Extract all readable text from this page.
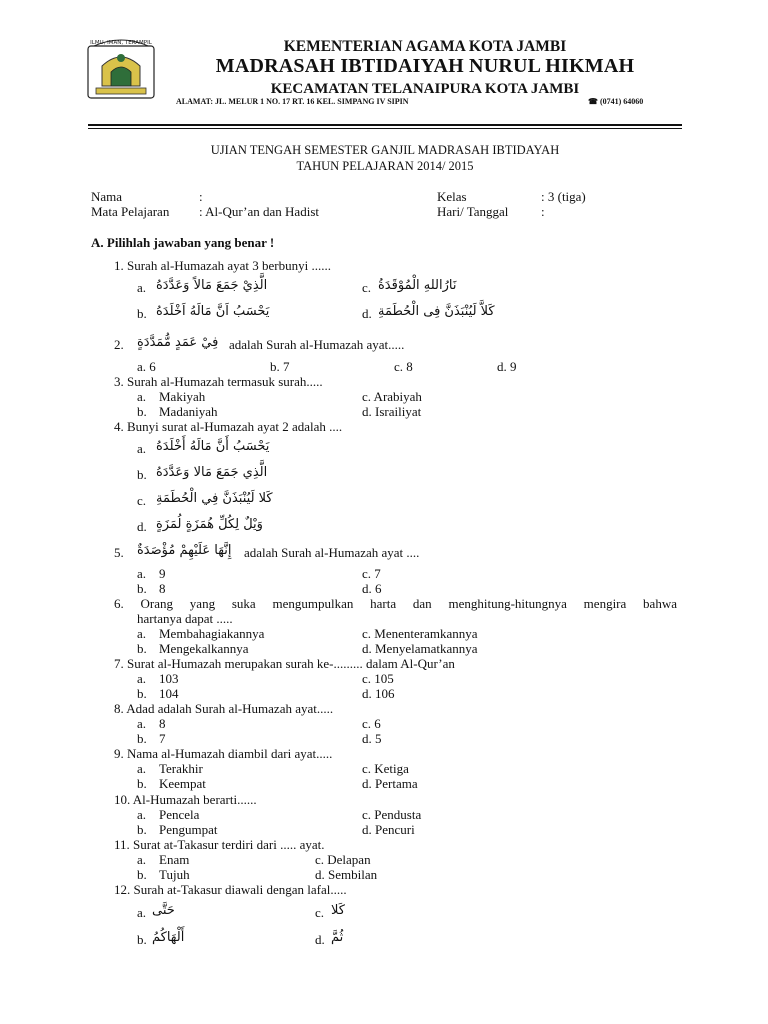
ILMU, IMAN, TERAMPIL	KEMENTERIAN AGAMA KOTA JAMBI
MADRASAH IBTIDAIYAH NURUL HIKMAH
KECAMATAN TELANAIPURA KOTA JAMBI
ALAMAT: JL. MELUR 1 NO. 17 RT. 16 KEL. SIMPANG IV SIPIN	☎ (0741) 64060
UJIAN TENGAH SEMESTER GANJIL MADRASAH IBTIDAYAH
TAHUN PELAJARAN 2014/ 2015
Nama	:
Mata Pelajaran : Al-Qur’an dan Hadist
Kelas	: 3 (tiga)
Hari/ Tanggal	:
A. Pilihlah jawaban yang benar !
1. Surah al-Humazah ayat 3 berbunyi ......
a. الَّذِيْ جَمَعَ مَالاً وَعَدَّدَهُ	c. نَارُاللهِ الْمُوْقَدَةُ
b. يَحْسَبُ اَنَّ مَالَهُ اَخْلَدَهُ	d. كَلاَّ لَيُنْبَذَنَّ فِى الْحُطَمَةِ
2. فِيْ عَمَدٍ مُّمَدَّدَةٍ adalah Surah al-Humazah ayat.....
a. 6	b. 7	c. 8	d. 9
3. Surah al-Humazah termasuk surah.....
a. Makiyah	c. Arabiyah
b. Madaniyah	d. Israiliyat
4. Bunyi surat al-Humazah ayat 2 adalah ....
a. يَحْسَبُ أَنَّ مَالَهُ أَخْلَدَهُ
b. الَّذِي جَمَعَ مَالا وَعَدَّدَهُ
c. كَلا لَيُنْبَذَنَّ فِي الْحُطَمَةِ
d. وَيْلٌ لِكُلِّ هُمَزَةٍ لُمَزَةٍ
5. إِنَّهَا عَلَيْهِمْ مُؤْصَدَةٌ adalah Surah al-Humazah ayat ....
a. 9	c. 7
b. 8	d. 6
6. Orang yang suka mengumpulkan harta dan menghitung-hitungnya mengira bahwa
hartanya dapat .....
a. Membahagiakannya	c. Menenteramkannya
b. Mengekalkannya	d. Menyelamatkannya
7. Surat al-Humazah merupakan surah ke-......... dalam Al-Qur’an
a. 103	c. 105
b. 104	d. 106
8. Adad adalah Surah al-Humazah ayat.....
a. 8	c. 6
b. 7	d. 5
9. Nama al-Humazah diambil dari ayat.....
a. Terakhir	c. Ketiga
b. Keempat	d. Pertama
10. Al-Humazah berarti......
a. Pencela	c. Pendusta
b. Pengumpat	d. Pencuri
11. Surat at-Takasur terdiri dari ..... ayat.
a. Enam	c. Delapan
b. Tujuh	d. Sembilan
12. Surah at-Takasur diawali dengan lafal.....
a. حَتَّى	c. كَلا
b. أَلْهَاكُمُ	d. ثُمَّ
